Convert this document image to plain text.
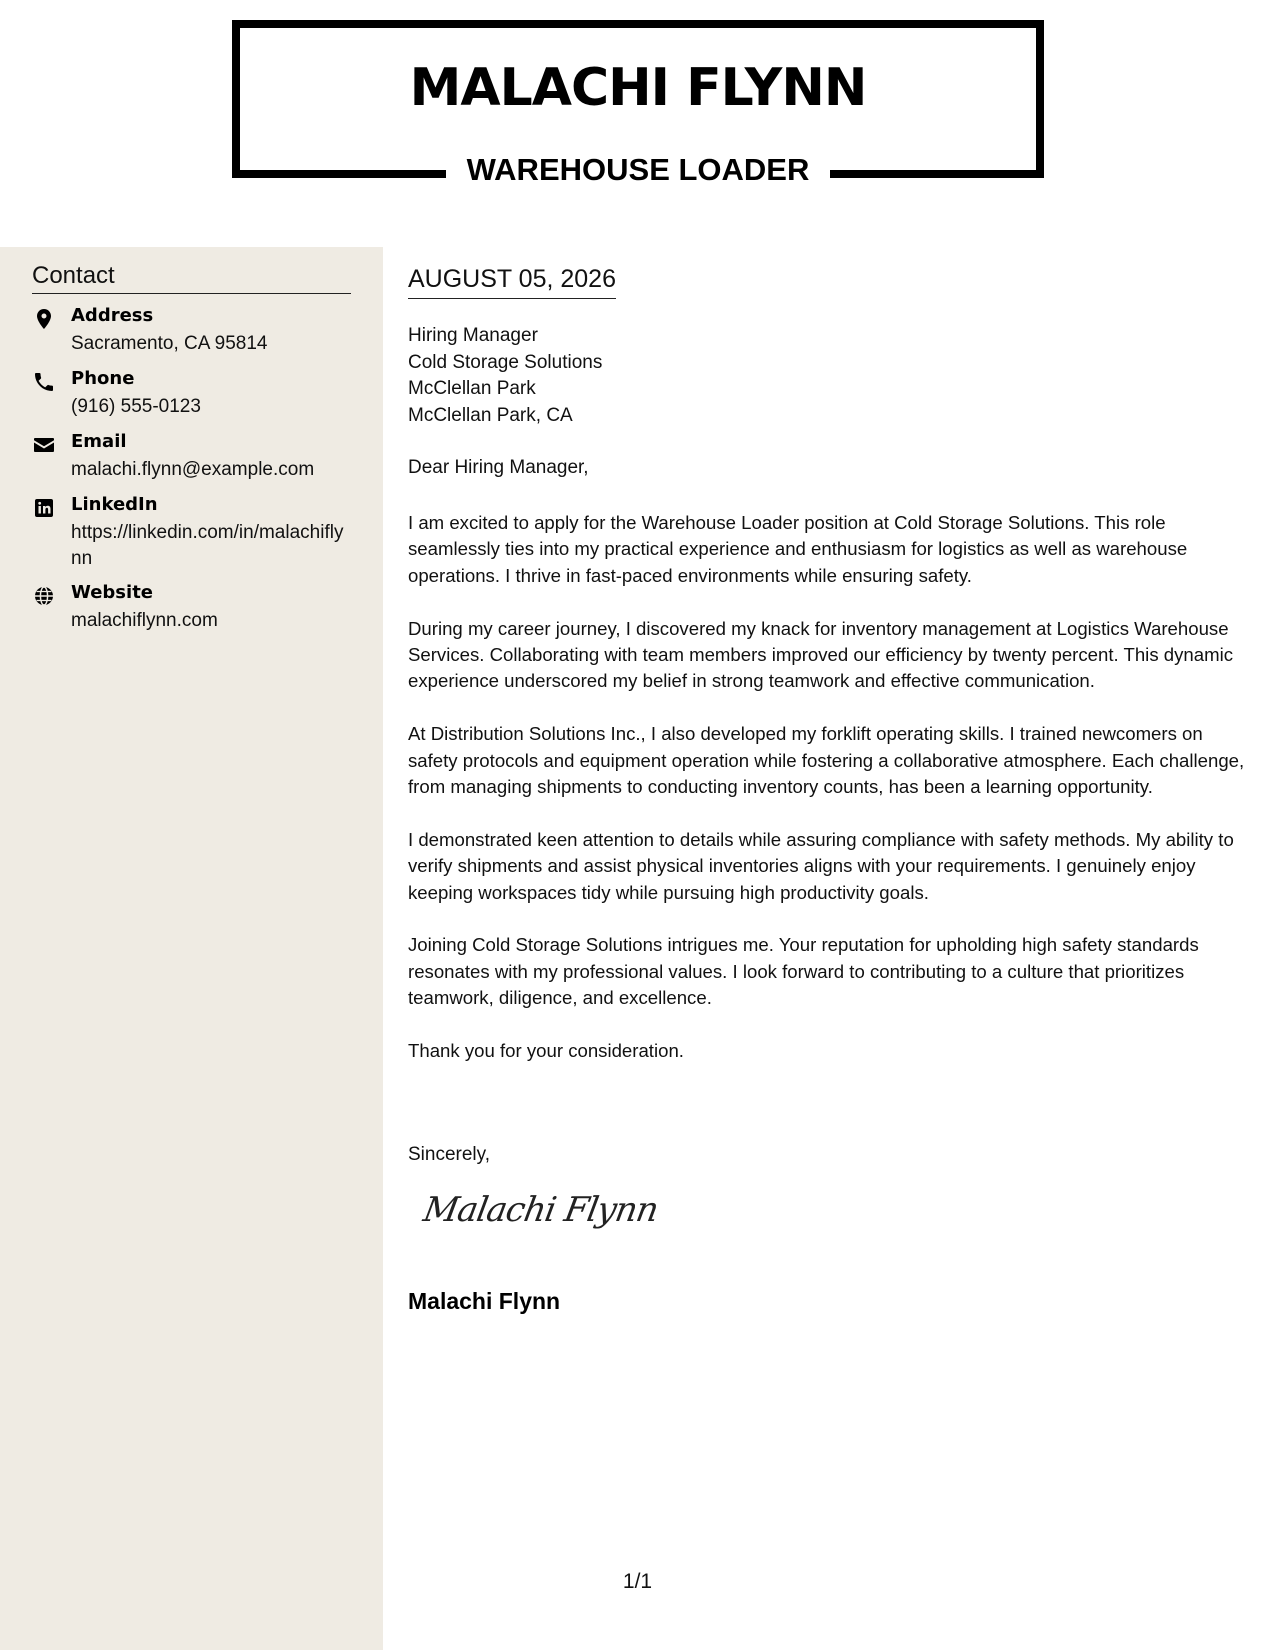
MALACHI FLYNN
WAREHOUSE LOADER
Contact
Address
Sacramento, CA 95814
Phone
(916) 555-0123
Email
malachi.flynn@example.com
LinkedIn
https://linkedin.com/in/malachiflynn
Website
malachiflynn.com
AUGUST 05, 2026
Hiring Manager
Cold Storage Solutions
McClellan Park
McClellan Park, CA
Dear Hiring Manager,

I am excited to apply for the Warehouse Loader position at Cold Storage Solutions. This role seamlessly ties into my practical experience and enthusiasm for logistics as well as warehouse operations. I thrive in fast-paced environments while ensuring safety.

During my career journey, I discovered my knack for inventory management at Logistics Warehouse Services. Collaborating with team members improved our efficiency by twenty percent. This dynamic experience underscored my belief in strong teamwork and effective communication.

At Distribution Solutions Inc., I also developed my forklift operating skills. I trained newcomers on safety protocols and equipment operation while fostering a collaborative atmosphere. Each challenge, from managing shipments to conducting inventory counts, has been a learning opportunity.

I demonstrated keen attention to details while assuring compliance with safety methods. My ability to verify shipments and assist physical inventories aligns with your requirements. I genuinely enjoy keeping workspaces tidy while pursuing high productivity goals.

Joining Cold Storage Solutions intrigues me. Your reputation for upholding high safety standards resonates with my professional values. I look forward to contributing to a culture that prioritizes teamwork, diligence, and excellence.

Thank you for your consideration.

Sincerely,
Malachi Flynn
Malachi Flynn
1/1
